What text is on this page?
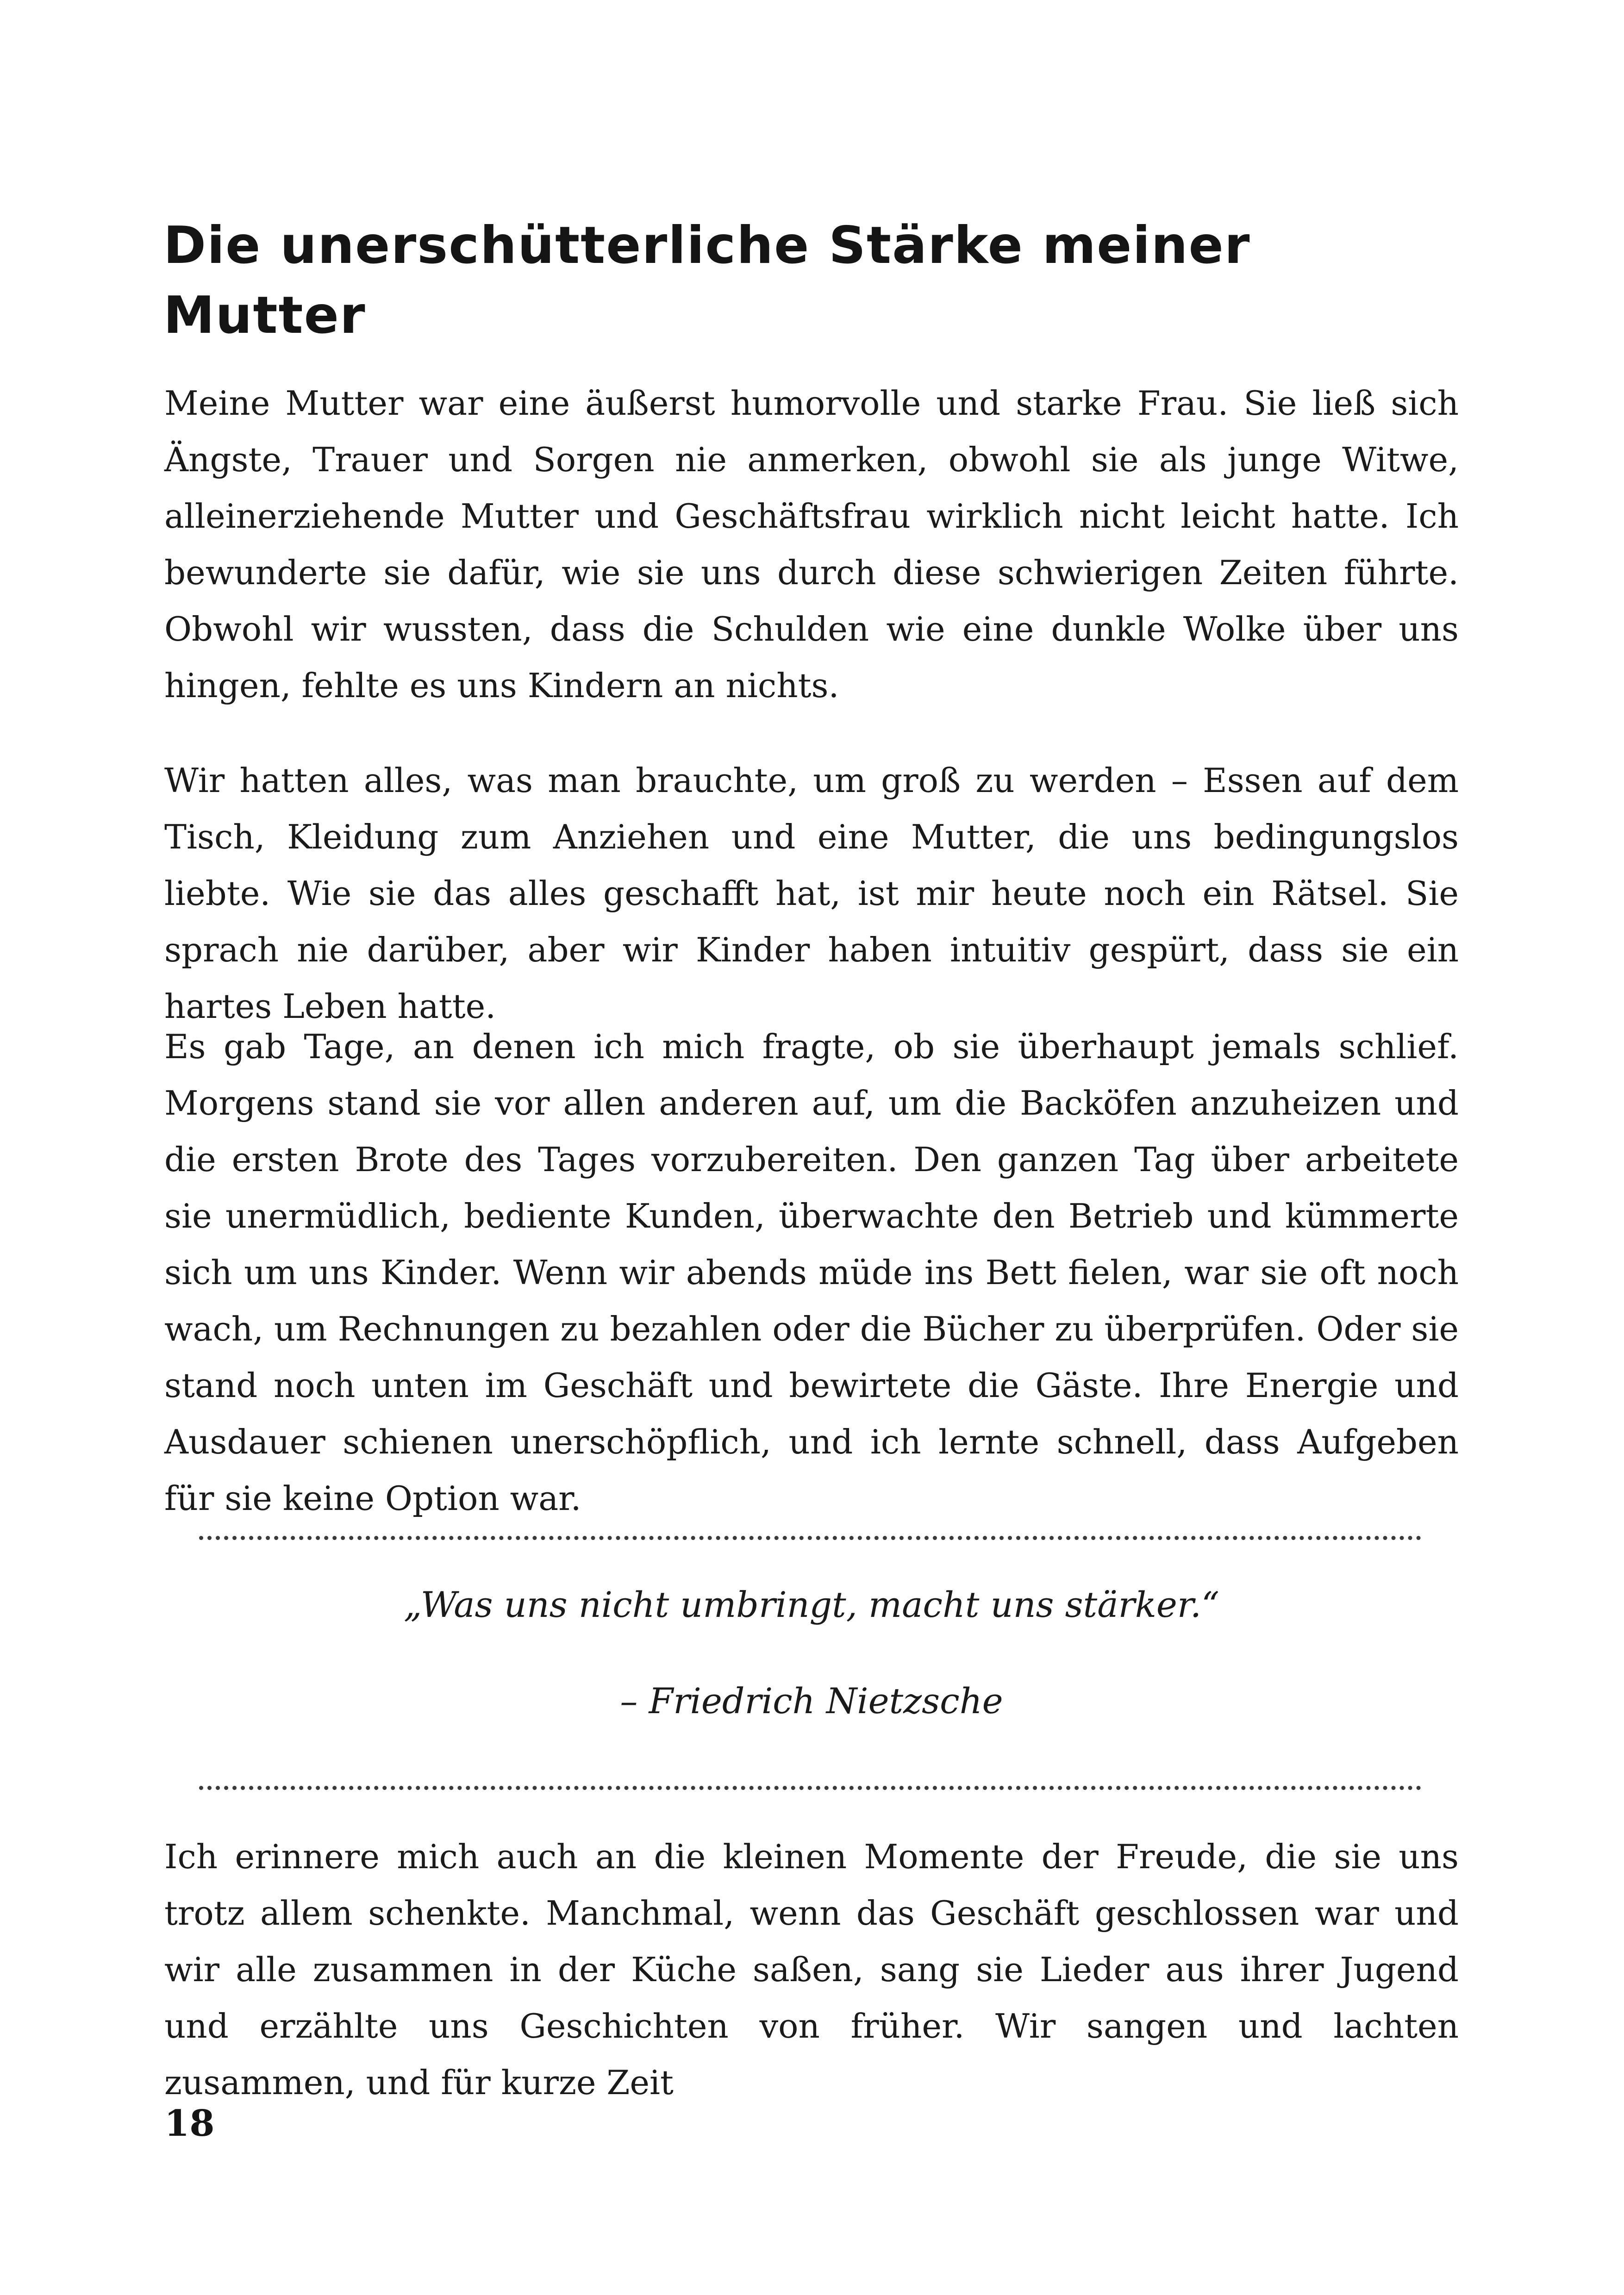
Die unerschütterliche Stärke meiner Mutter

Meine Mutter war eine äußerst humorvolle und starke Frau. Sie ließ sich Ängste, Trauer und Sorgen nie anmerken, obwohl sie als junge Witwe, alleinerziehende Mutter und Geschäftsfrau wirklich nicht leicht hatte. Ich bewunderte sie dafür, wie sie uns durch diese schwierigen Zeiten führte. Obwohl wir wussten, dass die Schulden wie eine dunkle Wolke über uns hingen, fehlte es uns Kindern an nichts.

Wir hatten alles, was man brauchte, um groß zu werden – Essen auf dem Tisch, Kleidung zum Anziehen und eine Mutter, die uns bedingungslos liebte. Wie sie das alles geschafft hat, ist mir heute noch ein Rätsel. Sie sprach nie darüber, aber wir Kinder haben intuitiv gespürt, dass sie ein hartes Leben hatte.

Es gab Tage, an denen ich mich fragte, ob sie überhaupt jemals schlief. Morgens stand sie vor allen anderen auf, um die Backöfen anzuheizen und die ersten Brote des Tages vorzubereiten. Den ganzen Tag über arbeitete sie unermüdlich, bediente Kunden, überwachte den Betrieb und kümmerte sich um uns Kinder. Wenn wir abends müde ins Bett fielen, war sie oft noch wach, um Rechnungen zu bezahlen oder die Bücher zu überprüfen. Oder sie stand noch unten im Geschäft und bewirtete die Gäste. Ihre Energie und Ausdauer schienen unerschöpflich, und ich lernte schnell, dass Aufgeben für sie keine Option war.

„Was uns nicht umbringt, macht uns stärker.“

– Friedrich Nietzsche

Ich erinnere mich auch an die kleinen Momente der Freude, die sie uns trotz allem schenkte. Manchmal, wenn das Geschäft geschlossen war und wir alle zusammen in der Küche saßen, sang sie Lieder aus ihrer Jugend und erzählte uns Geschichten von früher. Wir sangen und lachten zusammen, und für kurze Zeit

18
